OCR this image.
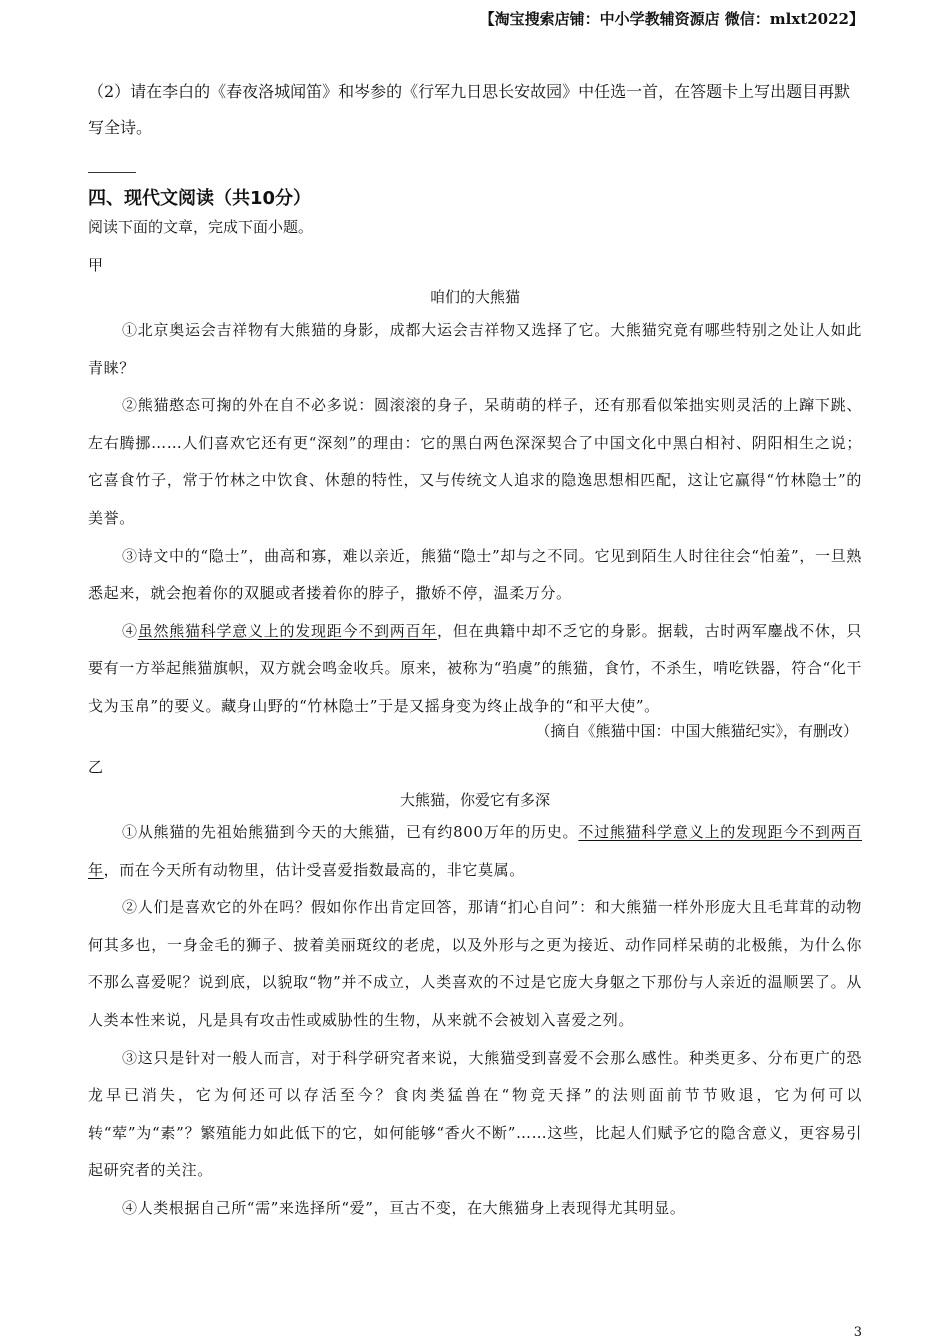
【淘宝搜索店铺：中小学教辅资源店 微信：mlxt2022】
（2）请在李白的《春夜洛城闻笛》和岑参的《行军九日思长安故园》中任选一首，在答题卡上写出题目再默写全诗。
四、现代文阅读（共10分）
阅读下面的文章，完成下面小题。
甲
咱们的大熊猫

①北京奥运会吉祥物有大熊猫的身影，成都大运会吉祥物又选择了它。大熊猫究竟有哪些特别之处让人如此青睐？

②熊猫憨态可掬的外在自不必多说：圆滚滚的身子，呆萌萌的样子，还有那看似笨拙实则灵活的上蹿下跳、左右腾挪……人们喜欢它还有更“深刻”的理由：它的黑白两色深深契合了中国文化中黑白相衬、阴阳相生之说；它喜食竹子，常于竹林之中饮食、休憩的特性，又与传统文人追求的隐逸思想相匹配，这让它赢得“竹林隐士”的美誉。

③诗文中的“隐士”，曲高和寡，难以亲近，熊猫“隐士”却与之不同。它见到陌生人时往往会“怕羞”，一旦熟悉起来，就会抱着你的双腿或者搂着你的脖子，撒娇不停，温柔万分。

④虽然熊猫科学意义上的发现距今不到两百年，但在典籍中却不乏它的身影。据载，古时两军鏖战不休，只要有一方举起熊猫旗帜，双方就会鸣金收兵。原来，被称为“驺虞”的熊猫，食竹，不杀生，啃吃铁器，符合“化干戈为玉帛”的要义。藏身山野的“竹林隐士”于是又摇身变为终止战争的“和平大使”。

（摘自《熊猫中国：中国大熊猫纪实》，有删改）
乙
大熊猫，你爱它有多深

①从熊猫的先祖始熊猫到今天的大熊猫，已有约800万年的历史。不过熊猫科学意义上的发现距今不到两百年，而在今天所有动物里，估计受喜爱指数最高的，非它莫属。

②人们是喜欢它的外在吗？假如你作出肯定回答，那请“扪心自问”：和大熊猫一样外形庞大且毛茸茸的动物何其多也，一身金毛的狮子、披着美丽斑纹的老虎，以及外形与之更为接近、动作同样呆萌的北极熊，为什么你不那么喜爱呢？说到底，以貌取“物”并不成立，人类喜欢的不过是它庞大身躯之下那份与人亲近的温顺罢了。从人类本性来说，凡是具有攻击性或威胁性的生物，从来就不会被划入喜爱之列。

③这只是针对一般人而言，对于科学研究者来说，大熊猫受到喜爱不会那么感性。种类更多、分布更广的恐龙早已消失，它为何还可以存活至今？食肉类猛兽在“物竞天择”的法则面前节节败退，它为何可以转“荤”为“素”？繁殖能力如此低下的它，如何能够“香火不断”……这些，比起人们赋予它的隐含意义，更容易引起研究者的关注。

④人类根据自己所“需”来选择所“爱”，亘古不变，在大熊猫身上表现得尤其明显。

3
